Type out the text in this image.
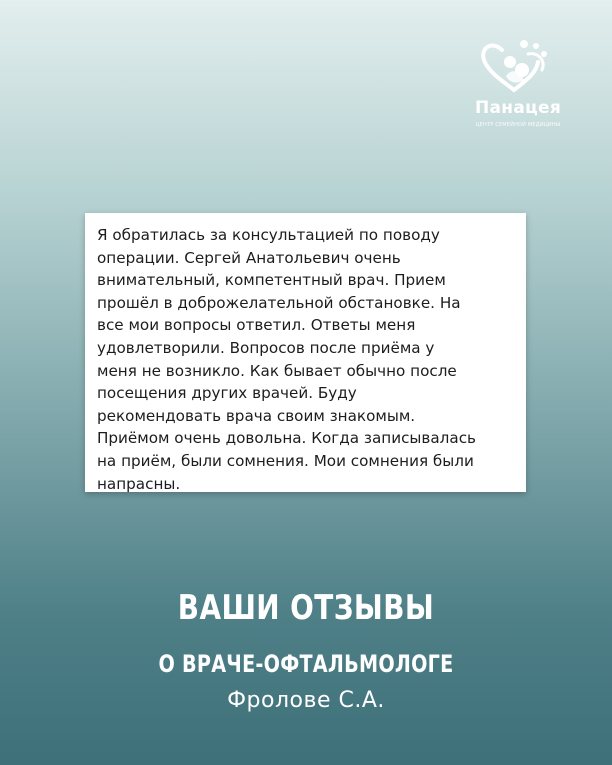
Панацея
ЦЕНТР СЕМЕЙНОЙ МЕДИЦИНЫ

Я обратилась за консультацией по поводу
операции. Сергей Анатольевич очень
внимательный, компетентный врач. Прием
прошёл в доброжелательной обстановке. На
все мои вопросы ответил. Ответы меня
удовлетворили. Вопросов после приёма у
меня не возникло. Как бывает обычно после
посещения других врачей. Буду
рекомендовать врача своим знакомым.
Приёмом очень довольна. Когда записывалась
на приём, были сомнения. Мои сомнения были
напрасны.

ВАШИ ОТЗЫВЫ
О ВРАЧЕ-ОФТАЛЬМОЛОГЕ
Фролове С.А.
